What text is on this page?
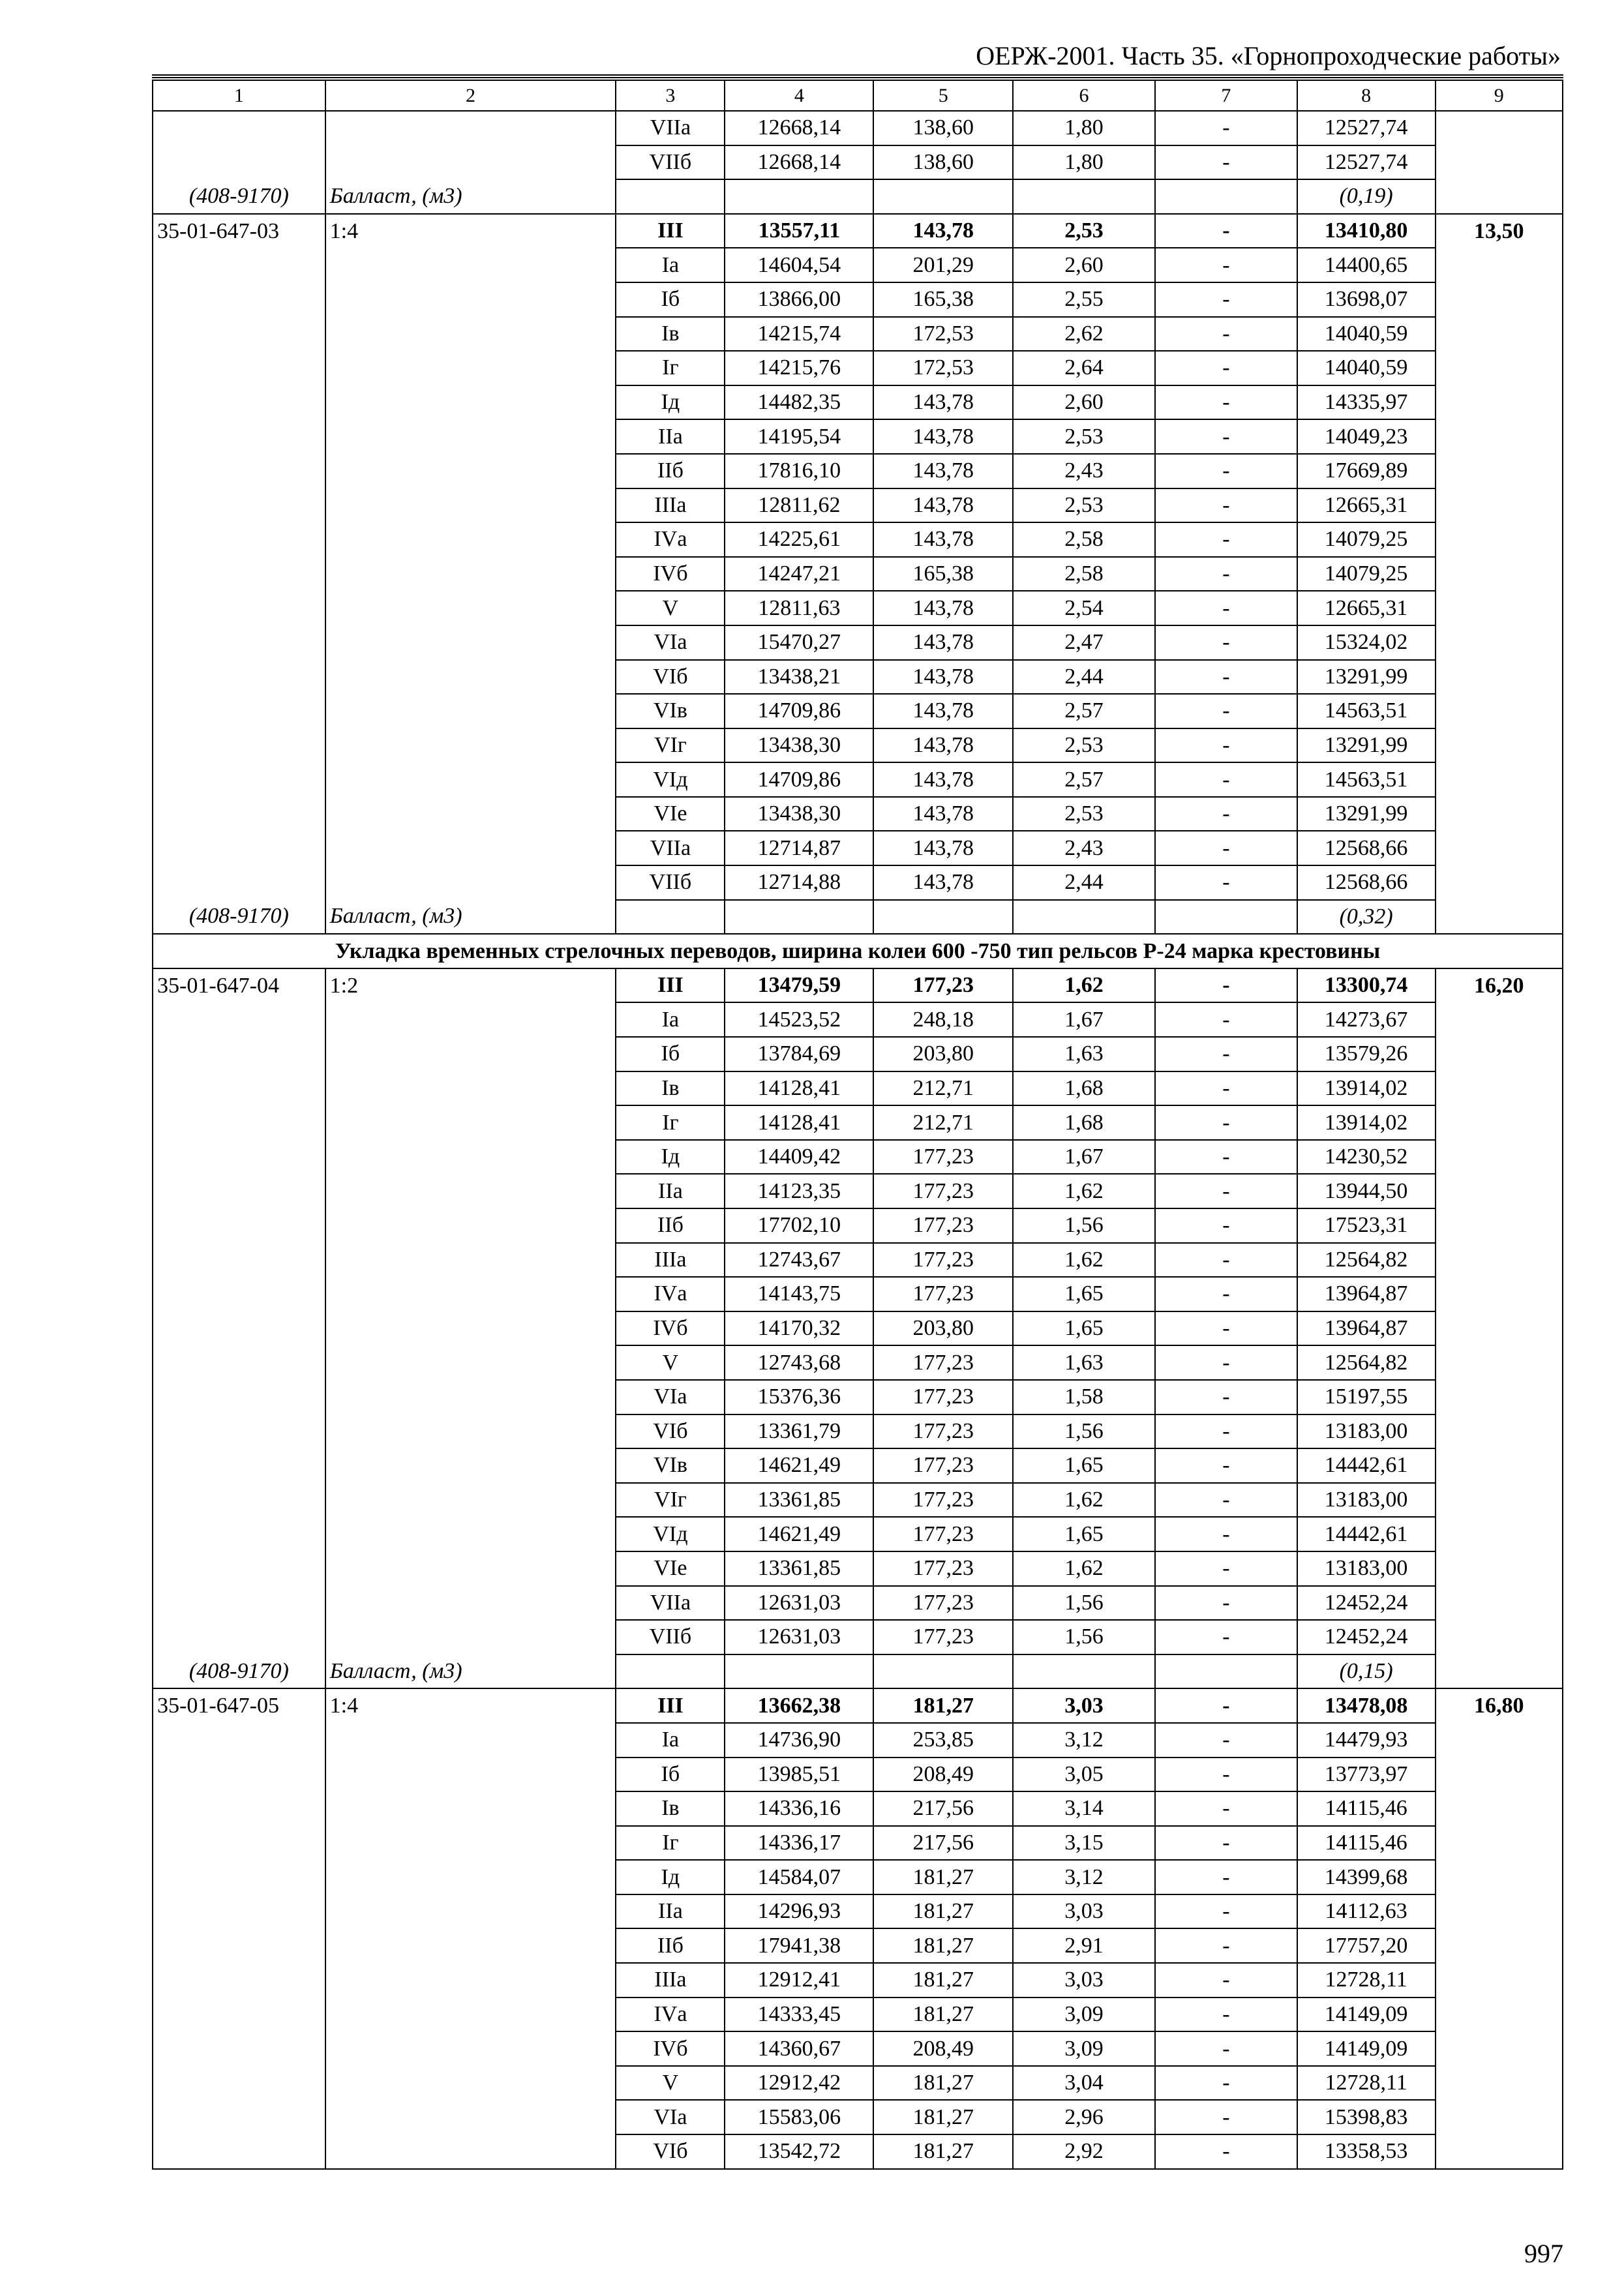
ОЕРЖ-2001. Часть 35. «Горнопроходческие работы»
1	2	3	4	5	6	7	8	9
		VIIа	12668,14	138,60	1,80	-	12527,74	
		VIIб	12668,14	138,60	1,80	-	12527,74	
(408-9170)	Балласт, (м3)						(0,19)	
35-01-647-03	1:4	III	13557,11	143,78	2,53	-	13410,80	13,50
		Iа	14604,54	201,29	2,60	-	14400,65	
		Iб	13866,00	165,38	2,55	-	13698,07	
		Iв	14215,74	172,53	2,62	-	14040,59	
		Iг	14215,76	172,53	2,64	-	14040,59	
		Iд	14482,35	143,78	2,60	-	14335,97	
		IIа	14195,54	143,78	2,53	-	14049,23	
		IIб	17816,10	143,78	2,43	-	17669,89	
		IIIа	12811,62	143,78	2,53	-	12665,31	
		IVа	14225,61	143,78	2,58	-	14079,25	
		IVб	14247,21	165,38	2,58	-	14079,25	
		V	12811,63	143,78	2,54	-	12665,31	
		VIа	15470,27	143,78	2,47	-	15324,02	
		VIб	13438,21	143,78	2,44	-	13291,99	
		VIв	14709,86	143,78	2,57	-	14563,51	
		VIг	13438,30	143,78	2,53	-	13291,99	
		VIд	14709,86	143,78	2,57	-	14563,51	
		VIе	13438,30	143,78	2,53	-	13291,99	
		VIIа	12714,87	143,78	2,43	-	12568,66	
		VIIб	12714,88	143,78	2,44	-	12568,66	
(408-9170)	Балласт, (м3)						(0,32)	
Укладка временных стрелочных переводов, ширина колеи 600 -750 тип рельсов Р-24 марка крестовины								
35-01-647-04	1:2	III	13479,59	177,23	1,62	-	13300,74	16,20
		Iа	14523,52	248,18	1,67	-	14273,67	
		Iб	13784,69	203,80	1,63	-	13579,26	
		Iв	14128,41	212,71	1,68	-	13914,02	
		Iг	14128,41	212,71	1,68	-	13914,02	
		Iд	14409,42	177,23	1,67	-	14230,52	
		IIа	14123,35	177,23	1,62	-	13944,50	
		IIб	17702,10	177,23	1,56	-	17523,31	
		IIIа	12743,67	177,23	1,62	-	12564,82	
		IVа	14143,75	177,23	1,65	-	13964,87	
		IVб	14170,32	203,80	1,65	-	13964,87	
		V	12743,68	177,23	1,63	-	12564,82	
		VIа	15376,36	177,23	1,58	-	15197,55	
		VIб	13361,79	177,23	1,56	-	13183,00	
		VIв	14621,49	177,23	1,65	-	14442,61	
		VIг	13361,85	177,23	1,62	-	13183,00	
		VIд	14621,49	177,23	1,65	-	14442,61	
		VIе	13361,85	177,23	1,62	-	13183,00	
		VIIа	12631,03	177,23	1,56	-	12452,24	
		VIIб	12631,03	177,23	1,56	-	12452,24	
(408-9170)	Балласт, (м3)						(0,15)	
35-01-647-05	1:4	III	13662,38	181,27	3,03	-	13478,08	16,80
		Iа	14736,90	253,85	3,12	-	14479,93	
		Iб	13985,51	208,49	3,05	-	13773,97	
		Iв	14336,16	217,56	3,14	-	14115,46	
		Iг	14336,17	217,56	3,15	-	14115,46	
		Iд	14584,07	181,27	3,12	-	14399,68	
		IIа	14296,93	181,27	3,03	-	14112,63	
		IIб	17941,38	181,27	2,91	-	17757,20	
		IIIа	12912,41	181,27	3,03	-	12728,11	
		IVа	14333,45	181,27	3,09	-	14149,09	
		IVб	14360,67	208,49	3,09	-	14149,09	
		V	12912,42	181,27	3,04	-	12728,11	
		VIа	15583,06	181,27	2,96	-	15398,83	
		VIб	13542,72	181,27	2,92	-	13358,53	
997
